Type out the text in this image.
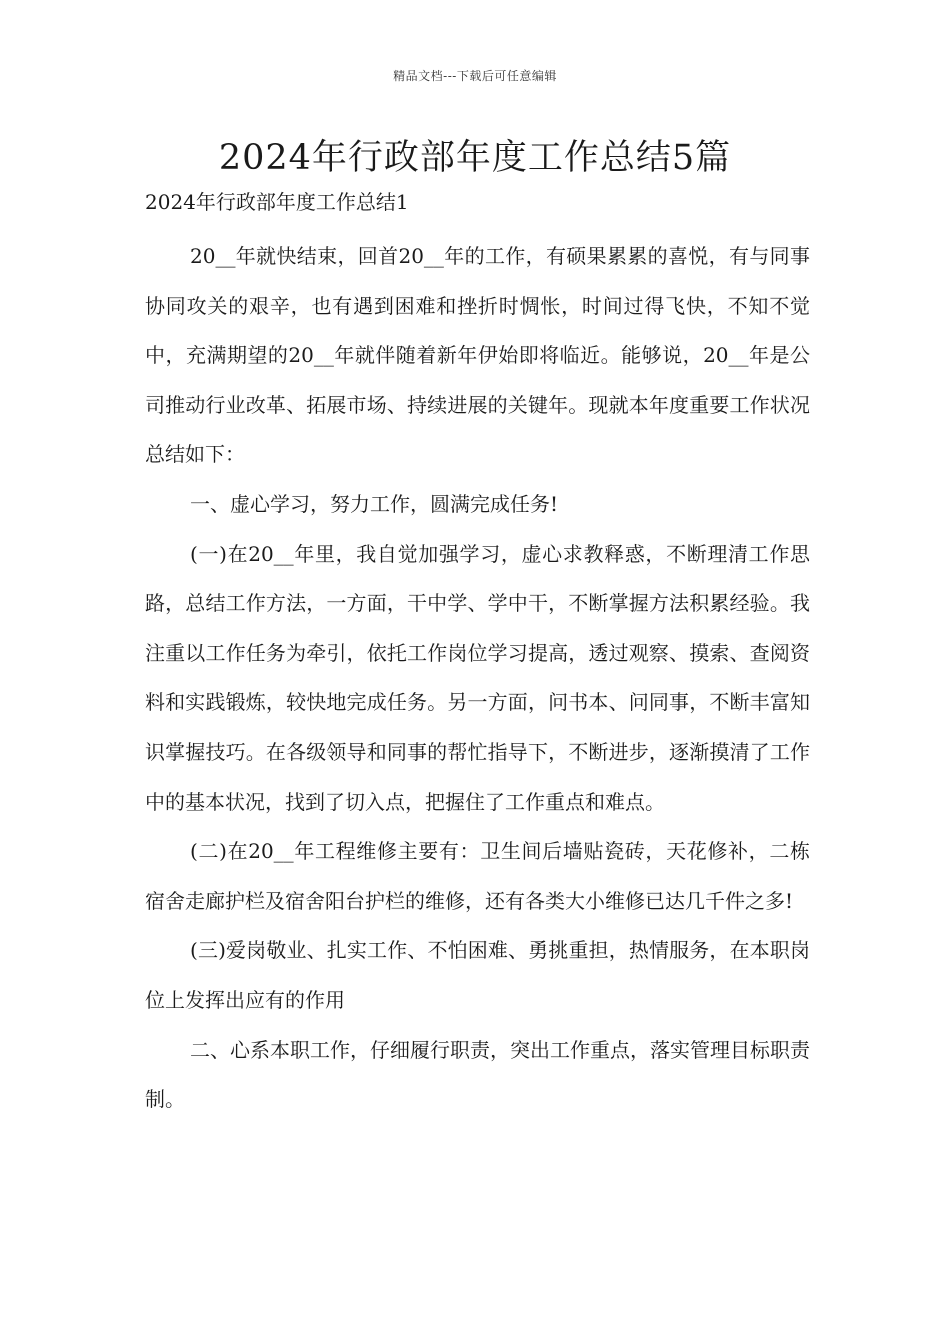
精品文档---下载后可任意编辑
2024年行政部年度工作总结5篇
2024年行政部年度工作总结1

20__年就快结束，回首20__年的工作，有硕果累累的喜悦，有与同事协同攻关的艰辛，也有遇到困难和挫折时惆怅，时间过得飞快，不知不觉中，充满期望的20__年就伴随着新年伊始即将临近。能够说，20__年是公司推动行业改革、拓展市场、持续进展的关键年。现就本年度重要工作状况总结如下：

一、虚心学习，努力工作，圆满完成任务!

(一)在20__年里，我自觉加强学习，虚心求教释惑，不断理清工作思路，总结工作方法，一方面，干中学、学中干，不断掌握方法积累经验。我注重以工作任务为牵引，依托工作岗位学习提高，透过观察、摸索、查阅资料和实践锻炼，较快地完成任务。另一方面，问书本、问同事，不断丰富知识掌握技巧。在各级领导和同事的帮忙指导下，不断进步，逐渐摸清了工作中的基本状况，找到了切入点，把握住了工作重点和难点。

(二)在20__年工程维修主要有：卫生间后墙贴瓷砖，天花修补，二栋宿舍走廊护栏及宿舍阳台护栏的维修，还有各类大小维修已达几千件之多!

(三)爱岗敬业、扎实工作、不怕困难、勇挑重担，热情服务，在本职岗位上发挥出应有的作用

二、心系本职工作，仔细履行职责，突出工作重点，落实管理目标职责制。
